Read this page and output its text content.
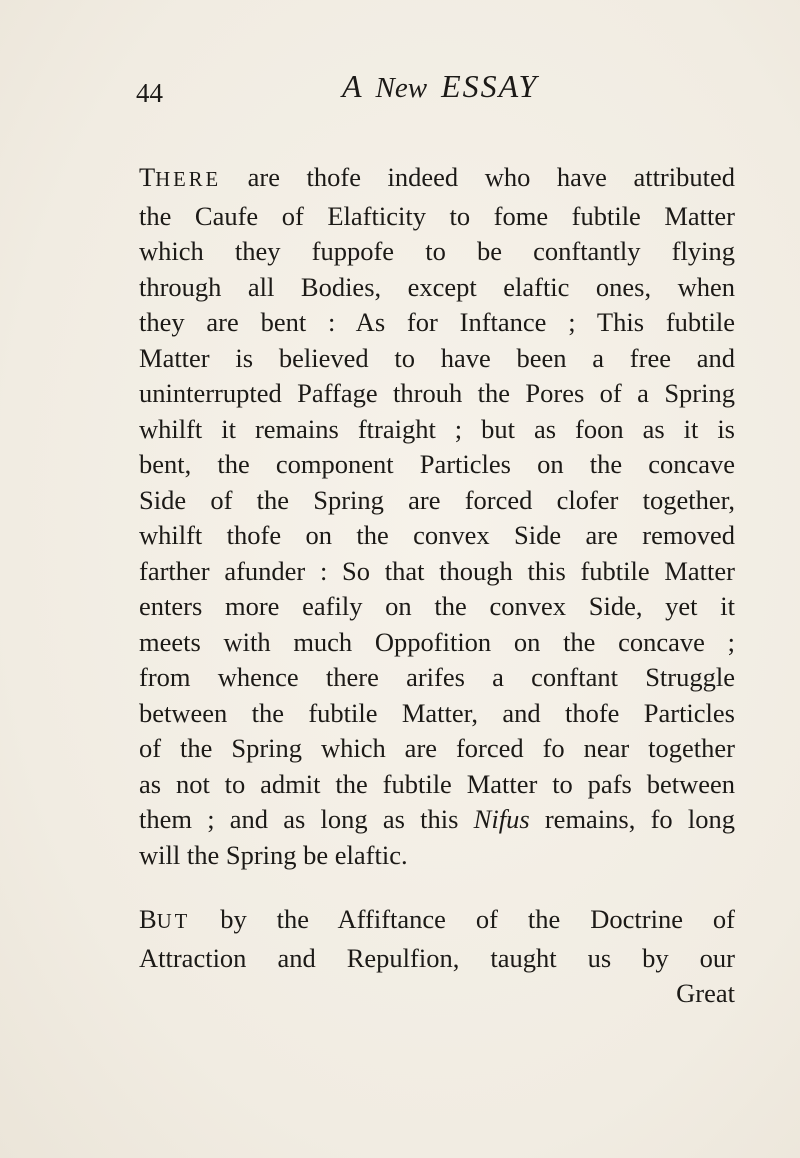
44	A New ESSAY

THERE are thofe indeed who have attributed
the Caufe of Elafticity to fome fubtile Matter
which they fuppofe to be conftantly flying
through all Bodies, except elaftic ones, when
they are bent : As for Inftance ; This fubtile
Matter is believed to have been a free and
uninterrupted Paffage throuh the Pores of a Spring
whilft it remains ftraight ; but as foon as it is
bent, the component Particles on the concave
Side of the Spring are forced clofer together,
whilft thofe on the convex Side are removed
farther afunder : So that though this fubtile Matter
enters more eafily on the convex Side, yet it
meets with much Oppofition on the concave ;
from whence there arifes a conftant Struggle
between the fubtile Matter, and thofe Particles
of the Spring which are forced fo near together
as not to admit the fubtile Matter to pafs between
them ; and as long as this Nifus remains, fo long
will the Spring be elaftic.

BUT by the Affiftance of the Doctrine of
Attraction and Repulfion, taught us by our
Great
